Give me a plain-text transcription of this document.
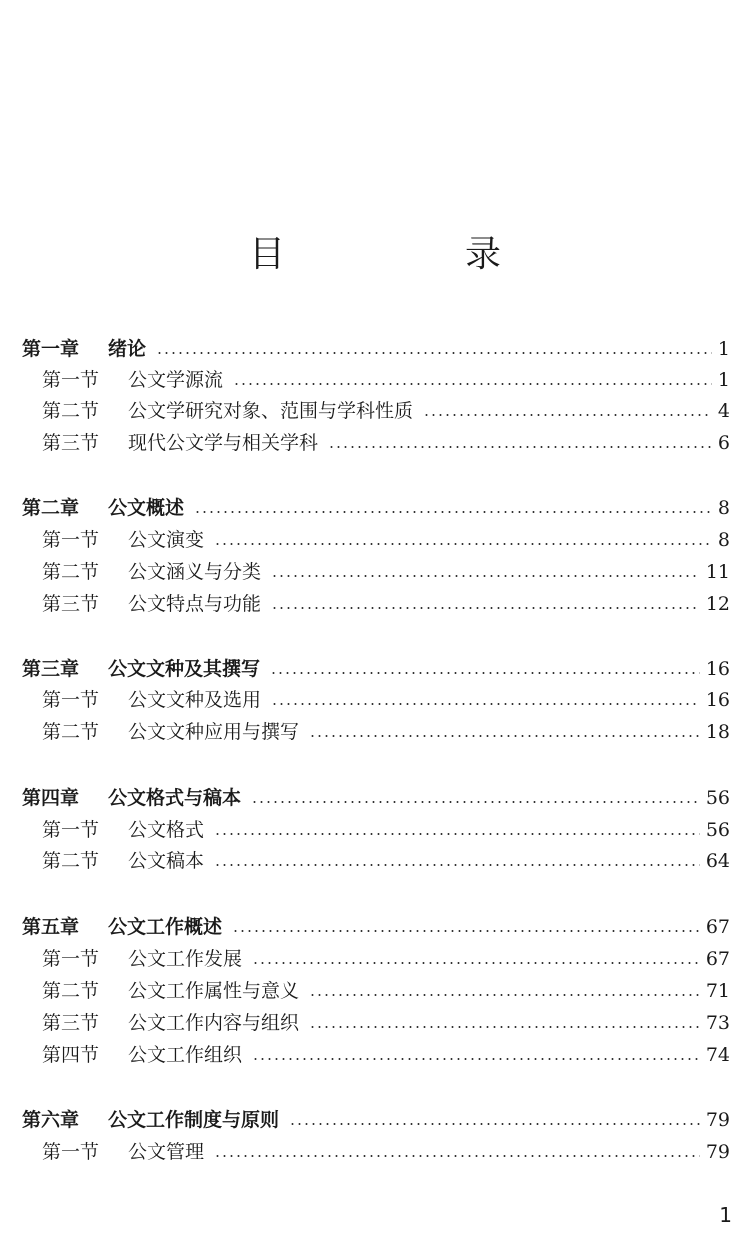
目　录
第一章	绪论	1
第一节	公文学源流	1
第二节	公文学研究对象、范围与学科性质	4
第三节	现代公文学与相关学科	6
第二章	公文概述	8
第一节	公文演变	8
第二节	公文涵义与分类	11
第三节	公文特点与功能	12
第三章	公文文种及其撰写	16
第一节	公文文种及选用	16
第二节	公文文种应用与撰写	18
第四章	公文格式与稿本	56
第一节	公文格式	56
第二节	公文稿本	64
第五章	公文工作概述	67
第一节	公文工作发展	67
第二节	公文工作属性与意义	71
第三节	公文工作内容与组织	73
第四节	公文工作组织	74
第六章	公文工作制度与原则	79
第一节	公文管理	79
1
